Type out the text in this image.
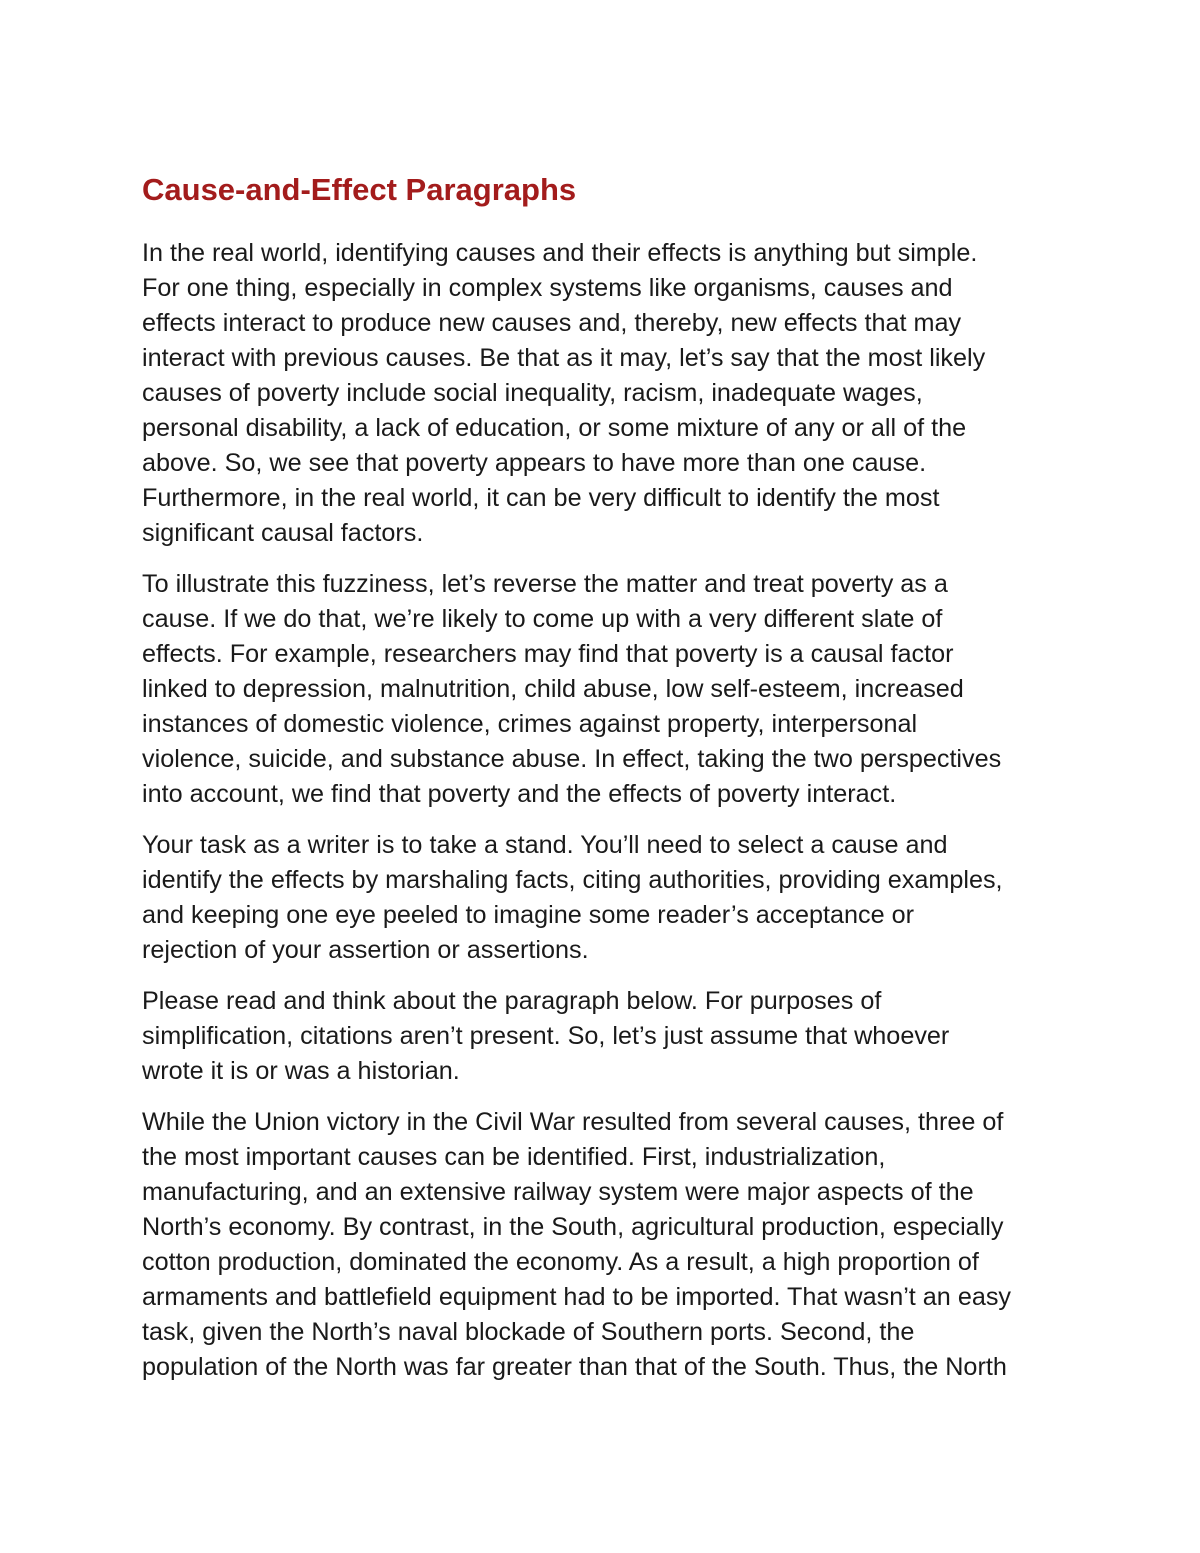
Cause-and-Effect Paragraphs

In the real world, identifying causes and their effects is anything but simple.
For one thing, especially in complex systems like organisms, causes and
effects interact to produce new causes and, thereby, new effects that may
interact with previous causes. Be that as it may, let’s say that the most likely
causes of poverty include social inequality, racism, inadequate wages,
personal disability, a lack of education, or some mixture of any or all of the
above. So, we see that poverty appears to have more than one cause.
Furthermore, in the real world, it can be very difficult to identify the most
significant causal factors.

To illustrate this fuzziness, let’s reverse the matter and treat poverty as a
cause. If we do that, we’re likely to come up with a very different slate of
effects. For example, researchers may find that poverty is a causal factor
linked to depression, malnutrition, child abuse, low self-esteem, increased
instances of domestic violence, crimes against property, interpersonal
violence, suicide, and substance abuse. In effect, taking the two perspectives
into account, we find that poverty and the effects of poverty interact.

Your task as a writer is to take a stand. You’ll need to select a cause and
identify the effects by marshaling facts, citing authorities, providing examples,
and keeping one eye peeled to imagine some reader’s acceptance or
rejection of your assertion or assertions.

Please read and think about the paragraph below. For purposes of
simplification, citations aren’t present. So, let’s just assume that whoever
wrote it is or was a historian.

While the Union victory in the Civil War resulted from several causes, three of
the most important causes can be identified. First, industrialization,
manufacturing, and an extensive railway system were major aspects of the
North’s economy. By contrast, in the South, agricultural production, especially
cotton production, dominated the economy. As a result, a high proportion of
armaments and battlefield equipment had to be imported. That wasn’t an easy
task, given the North’s naval blockade of Southern ports. Second, the
population of the North was far greater than that of the South. Thus, the North
